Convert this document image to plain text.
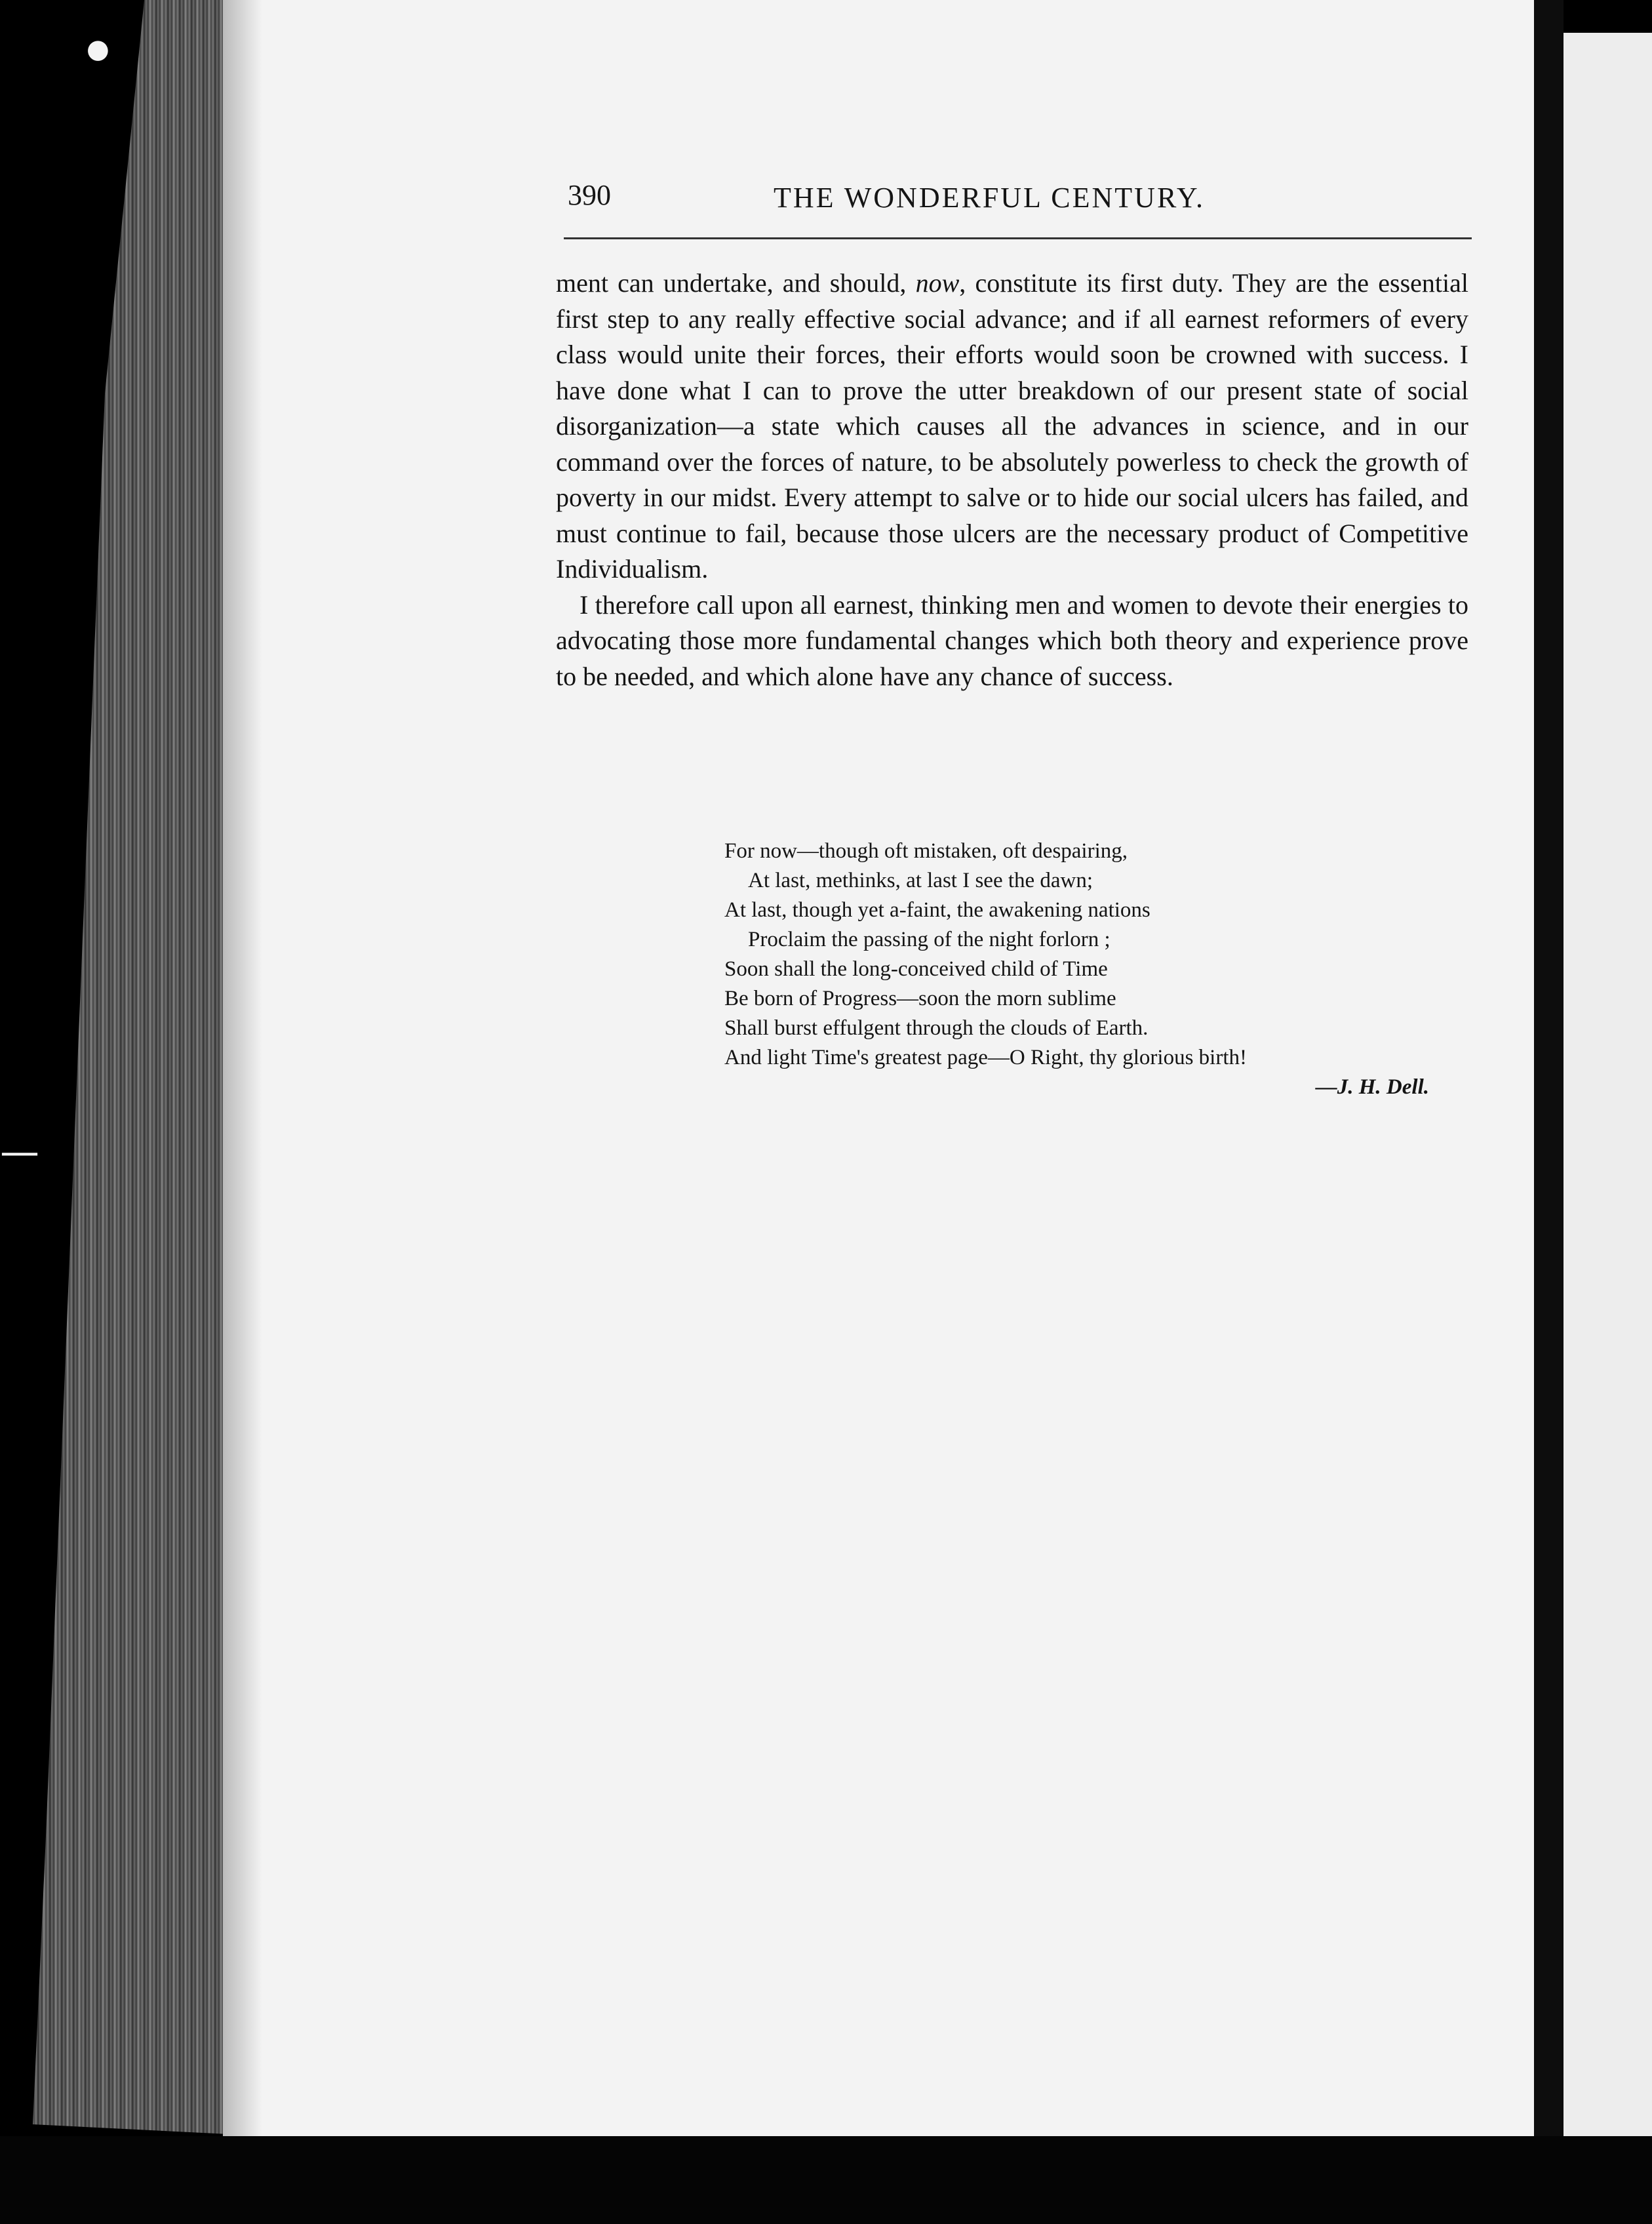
●
—
390	THE WONDERFUL CENTURY.

ment can undertake, and should, now, constitute its first duty. They are the essential first step to any really effective social advance; and if all earnest reformers of every class would unite their forces, their efforts would soon be crowned with success. I have done what I can to prove the utter breakdown of our present state of social disorganization—a state which causes all the advances in science, and in our command over the forces of nature, to be absolutely powerless to check the growth of poverty in our midst. Every attempt to salve or to hide our social ulcers has failed, and must continue to fail, because those ulcers are the necessary product of Competitive Individualism.

I therefore call upon all earnest, thinking men and women to devote their energies to advocating those more fundamental changes which both theory and experience prove to be needed, and which alone have any chance of success.

For now—though oft mistaken, oft despairing,
At last, methinks, at last I see the dawn;
At last, though yet a-faint, the awakening nations
Proclaim the passing of the night forlorn ;
Soon shall the long-conceived child of Time
Be born of Progress—soon the morn sublime
Shall burst effulgent through the clouds of Earth.
And light Time's greatest page—O Right, thy glorious birth!
—J. H. Dell.
